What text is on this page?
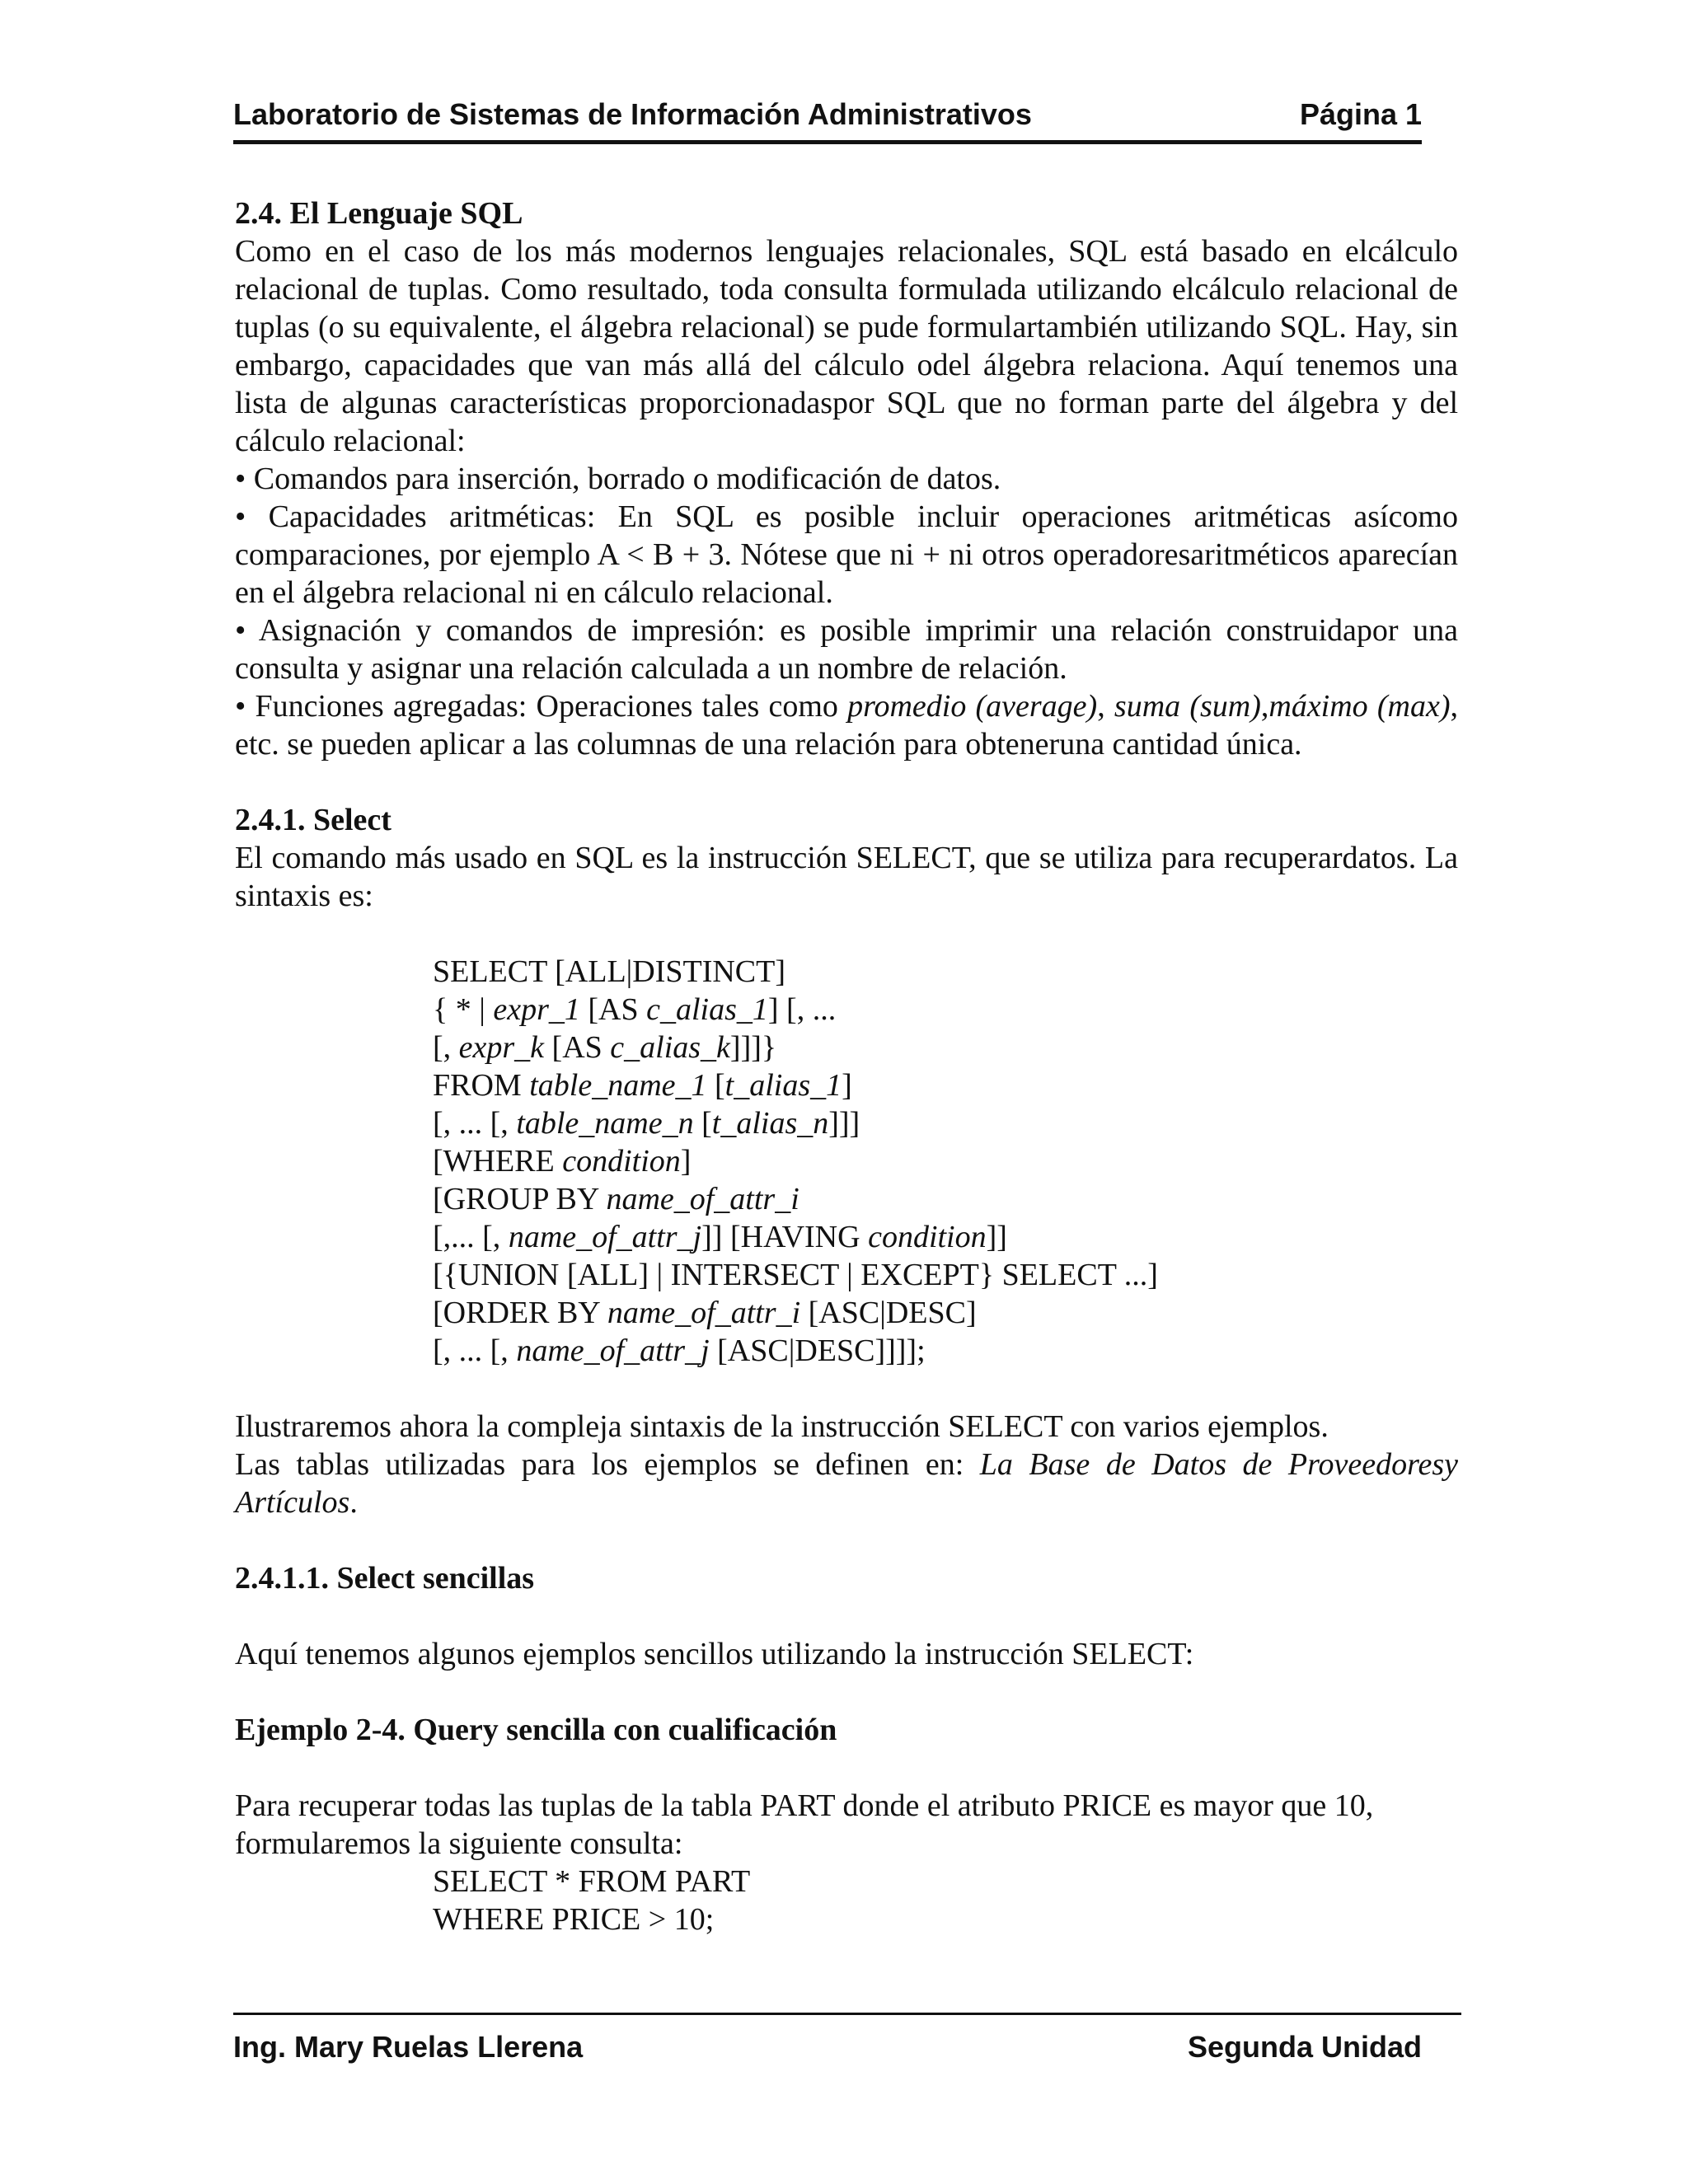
Laboratorio de Sistemas de Información Administrativos	Página 1
2.4. El Lenguaje SQL

Como en el caso de los más modernos lenguajes relacionales, SQL está basado en elcálculo relacional de tuplas. Como resultado, toda consulta formulada utilizando elcálculo relacional de tuplas (o su equivalente, el álgebra relacional) se pude formulartambién utilizando SQL. Hay, sin embargo, capacidades que van más allá del cálculo odel álgebra relaciona. Aquí tenemos una lista de algunas características proporcionadaspor SQL que no forman parte del álgebra y del cálculo relacional:

• Comandos para inserción, borrado o modificación de datos.

• Capacidades aritméticas: En SQL es posible incluir operaciones aritméticas asícomo comparaciones, por ejemplo A < B + 3. Nótese que ni + ni otros operadoresaritméticos aparecían en el álgebra relacional ni en cálculo relacional.

• Asignación y comandos de impresión: es posible imprimir una relación construidapor una consulta y asignar una relación calculada a un nombre de relación.

• Funciones agregadas: Operaciones tales como promedio (average), suma (sum),máximo (max), etc. se pueden aplicar a las columnas de una relación para obteneruna cantidad única.

2.4.1. Select

El comando más usado en SQL es la instrucción SELECT, que se utiliza para recuperardatos. La sintaxis es:

SELECT [ALL|DISTINCT]
{ * | expr_1 [AS c_alias_1] [, ...
[, expr_k [AS c_alias_k]]]}
FROM table_name_1 [t_alias_1]
[, ... [, table_name_n [t_alias_n]]]
[WHERE condition]
[GROUP BY name_of_attr_i
[,... [, name_of_attr_j]] [HAVING condition]]
[{UNION [ALL] | INTERSECT | EXCEPT} SELECT ...]
[ORDER BY name_of_attr_i [ASC|DESC]
[, ... [, name_of_attr_j [ASC|DESC]]]];

Ilustraremos ahora la compleja sintaxis de la instrucción SELECT con varios ejemplos.

Las tablas utilizadas para los ejemplos se definen en: La Base de Datos de Proveedoresy Artículos.

2.4.1.1. Select sencillas

Aquí tenemos algunos ejemplos sencillos utilizando la instrucción SELECT:

Ejemplo 2-4. Query sencilla con cualificación

Para recuperar todas las tuplas de la tabla PART donde el atributo PRICE es mayor que 10, formularemos la siguiente consulta:

SELECT * FROM PART
WHERE PRICE > 10;
Ing. Mary Ruelas Llerena	Segunda Unidad
